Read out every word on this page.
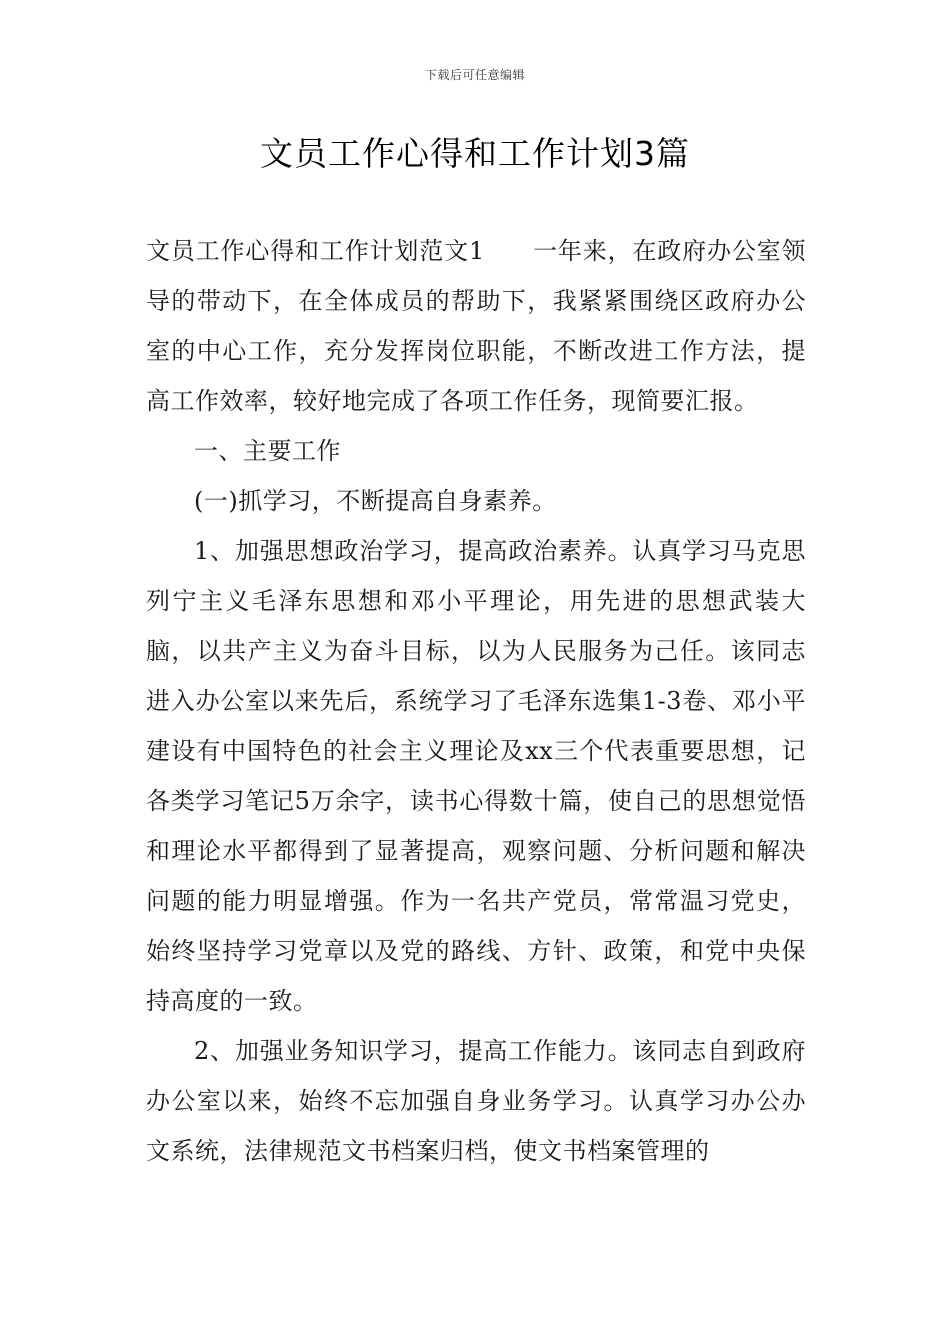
下载后可任意编辑
文员工作心得和工作计划3篇

文员工作心得和工作计划范文1 一年来，在政府办公室领导的带动下，在全体成员的帮助下，我紧紧围绕区政府办公室的中心工作，充分发挥岗位职能，不断改进工作方法，提高工作效率，较好地完成了各项工作任务，现简要汇报。

一、主要工作

(一)抓学习，不断提高自身素养。

1、加强思想政治学习，提高政治素养。认真学习马克思列宁主义毛泽东思想和邓小平理论，用先进的思想武装大脑，以共产主义为奋斗目标，以为人民服务为己任。该同志进入办公室以来先后，系统学习了毛泽东选集1-3卷、邓小平建设有中国特色的社会主义理论及xx三个代表重要思想，记各类学习笔记5万余字，读书心得数十篇，使自己的思想觉悟和理论水平都得到了显著提高，观察问题、分析问题和解决问题的能力明显增强。作为一名共产党员，常常温习党史，始终坚持学习党章以及党的路线、方针、政策，和党中央保持高度的一致。

2、加强业务知识学习，提高工作能力。该同志自到政府办公室以来，始终不忘加强自身业务学习。认真学习办公办文系统，法律规范文书档案归档，使文书档案管理的
